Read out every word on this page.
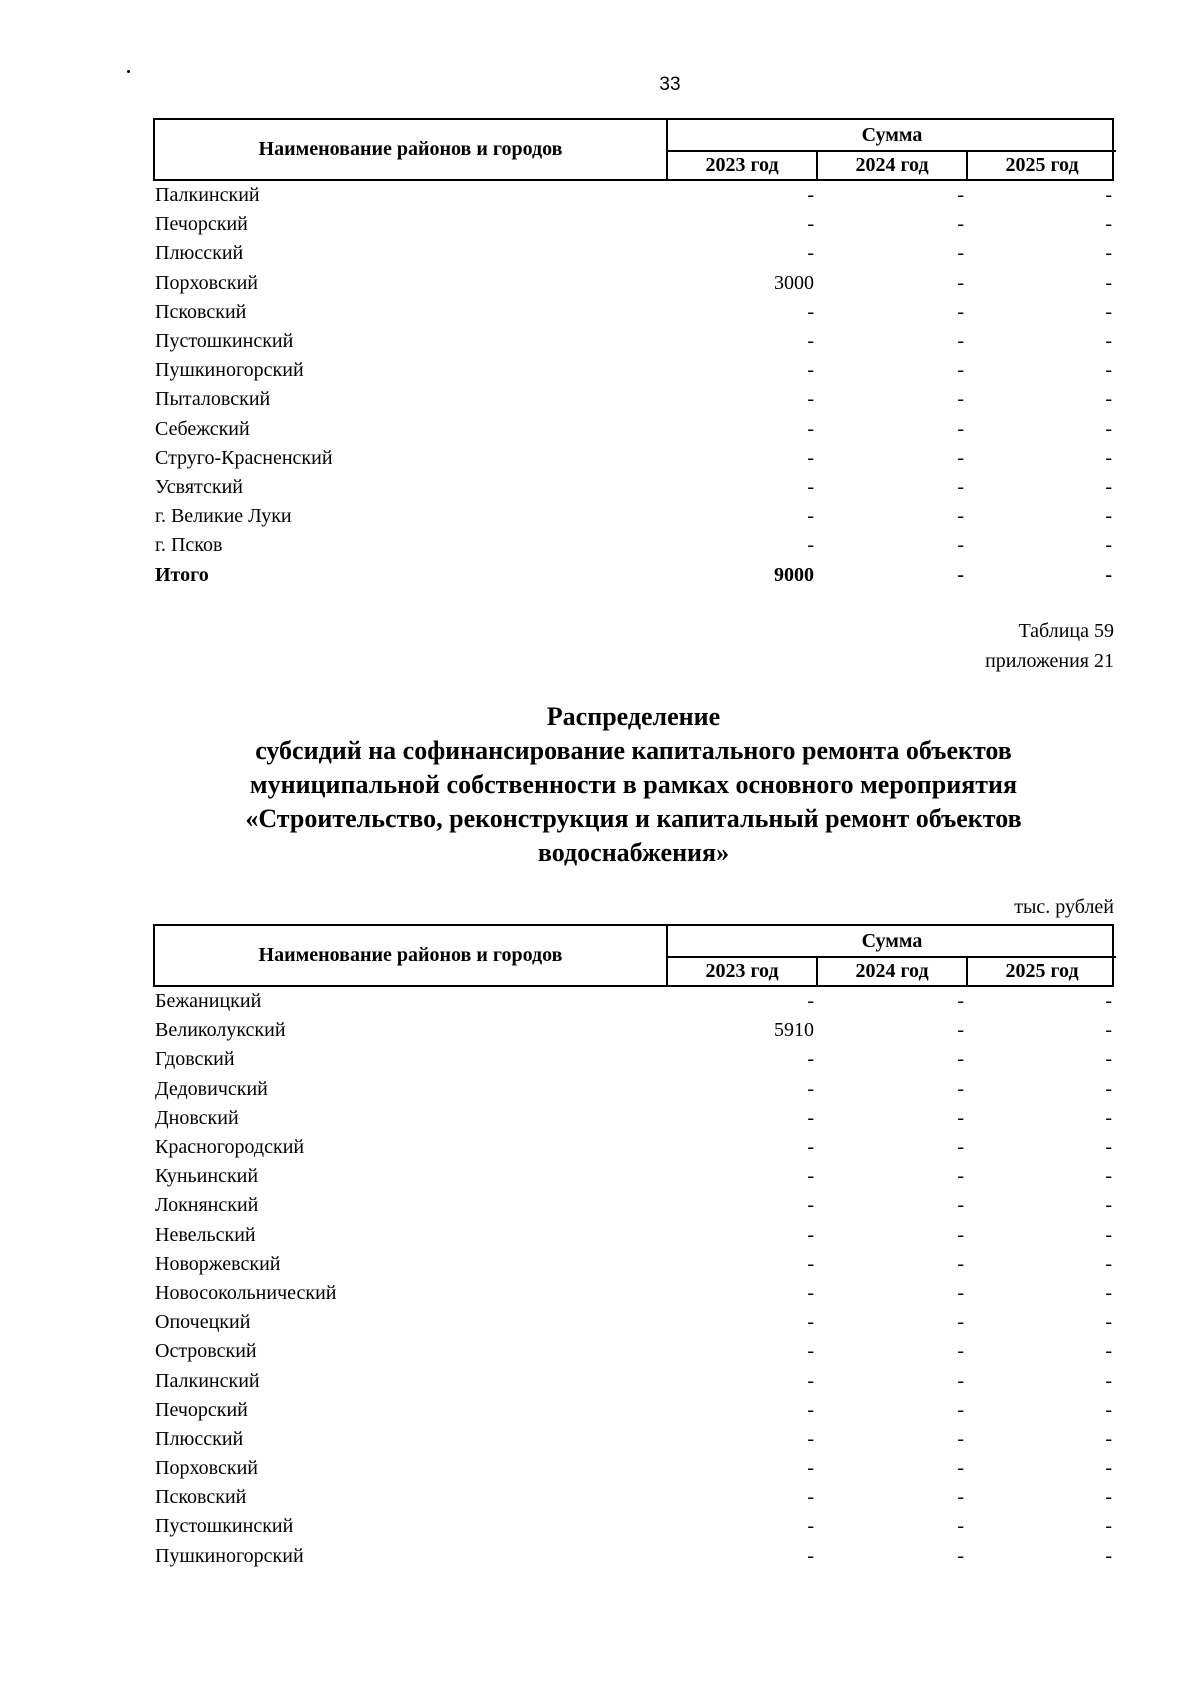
33
Наименование районов и городов
Сумма
2023 год	2024 год	2025 год
Палкинский	-	-	-
Печорский	-	-	-
Плюсский	-	-	-
Порховский	3000	-	-
Псковский	-	-	-
Пустошкинский	-	-	-
Пушкиногорский	-	-	-
Пыталовский	-	-	-
Себежский	-	-	-
Струго-Красненский	-	-	-
Усвятский	-	-	-
г. Великие Луки	-	-	-
г. Псков	-	-	-
Итого	9000	-	-
Таблица 59
приложения 21
Распределение
субсидий на софинансирование капитального ремонта объектов
муниципальной собственности в рамках основного мероприятия
«Строительство, реконструкция и капитальный ремонт объектов
водоснабжения»
тыс. рублей
Наименование районов и городов
Сумма
2023 год	2024 год	2025 год
Бежаницкий	-	-	-
Великолукский	5910	-	-
Гдовский	-	-	-
Дедовичский	-	-	-
Дновский	-	-	-
Красногородский	-	-	-
Куньинский	-	-	-
Локнянский	-	-	-
Невельский	-	-	-
Новоржевский	-	-	-
Новосокольнический	-	-	-
Опочецкий	-	-	-
Островский	-	-	-
Палкинский	-	-	-
Печорский	-	-	-
Плюсский	-	-	-
Порховский	-	-	-
Псковский	-	-	-
Пустошкинский	-	-	-
Пушкиногорский	-	-	-
